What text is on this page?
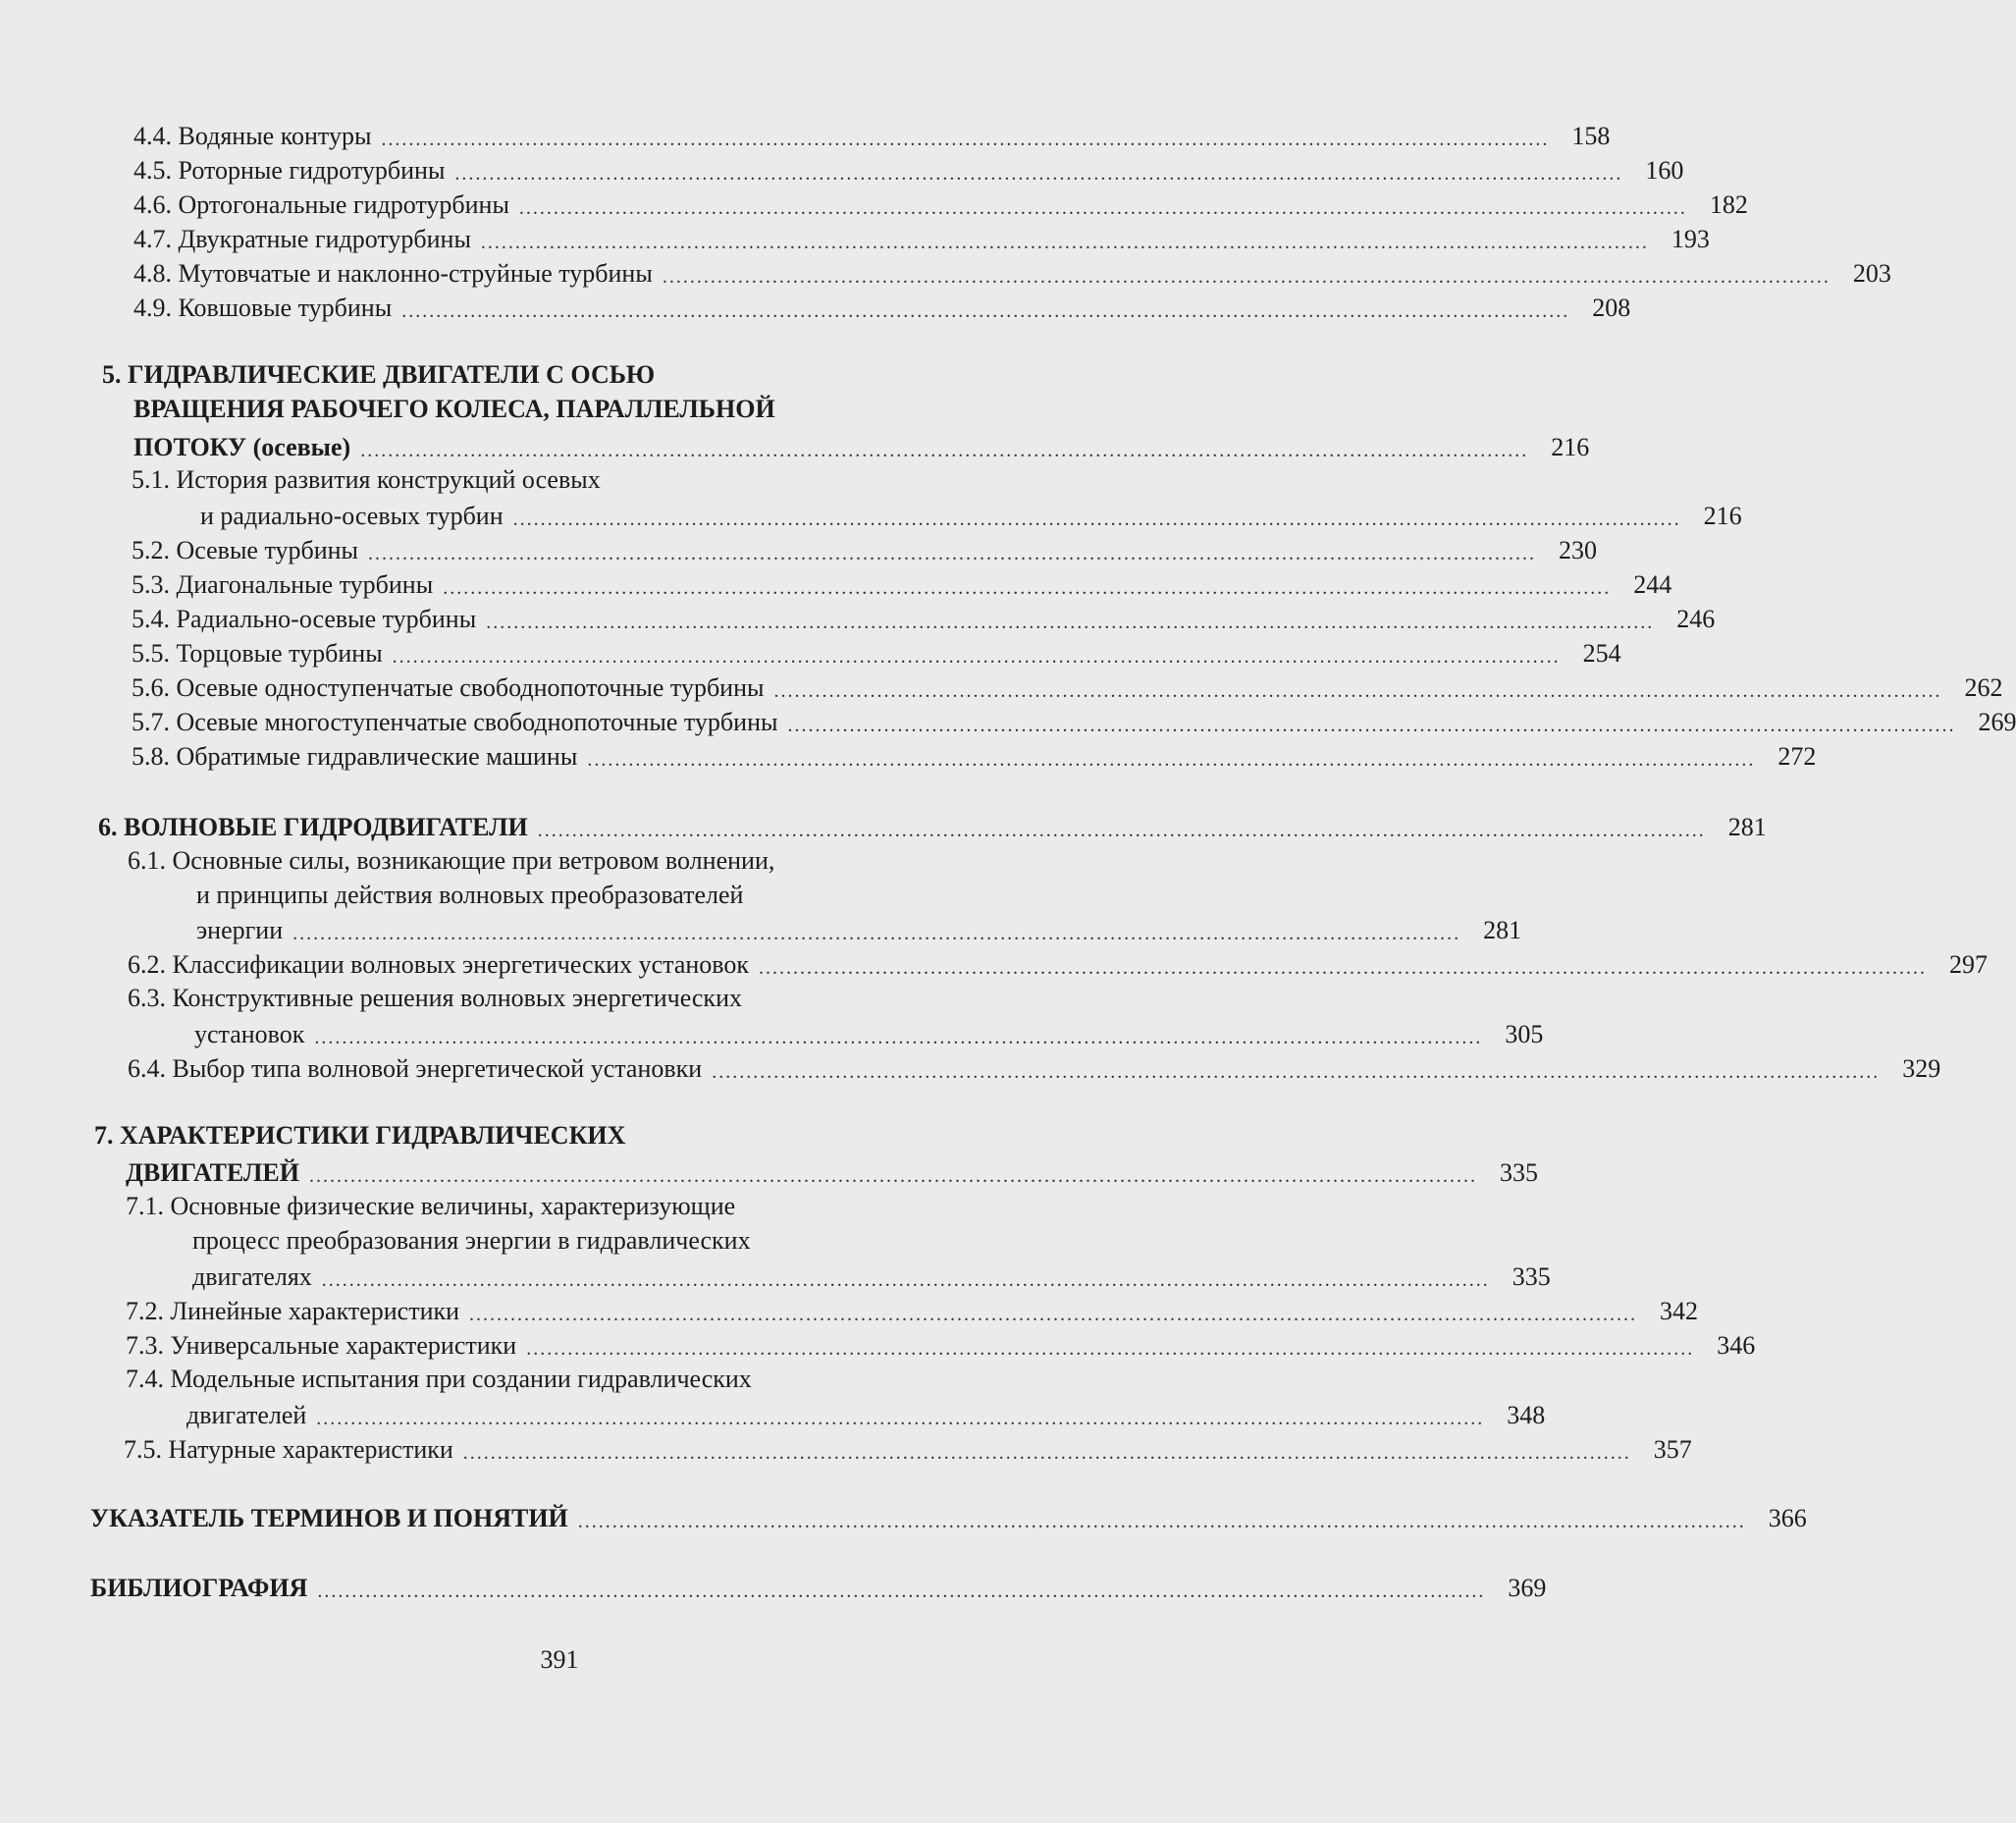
4.4. Водяные контуры .......................................................................................................................................................................... 158
4.5. Роторные гидротурбины .......................................................................................................................................................................... 160
4.6. Ортогональные гидротурбины .......................................................................................................................................................................... 182
4.7. Двукратные гидротурбины .......................................................................................................................................................................... 193
4.8. Мутовчатые и наклонно-струйные турбины .......................................................................................................................................................................... 203
4.9. Ковшовые турбины .......................................................................................................................................................................... 208
5. ГИДРАВЛИЧЕСКИЕ ДВИГАТЕЛИ С ОСЬЮ
ВРАЩЕНИЯ РАБОЧЕГО КОЛЕСА, ПАРАЛЛЕЛЬНОЙ
ПОТОКУ (осевые) .......................................................................................................................................................................... 216
5.1. История развития конструкций осевых
и радиально-осевых турбин .......................................................................................................................................................................... 216
5.2. Осевые турбины .......................................................................................................................................................................... 230
5.3. Диагональные турбины .......................................................................................................................................................................... 244
5.4. Радиально-осевые турбины .......................................................................................................................................................................... 246
5.5. Торцовые турбины .......................................................................................................................................................................... 254
5.6. Осевые одноступенчатые свободнопоточные турбины .......................................................................................................................................................................... 262
5.7. Осевые многоступенчатые свободнопоточные турбины .......................................................................................................................................................................... 269
5.8. Обратимые гидравлические машины .......................................................................................................................................................................... 272
6. ВОЛНОВЫЕ ГИДРОДВИГАТЕЛИ .......................................................................................................................................................................... 281
6.1. Основные силы, возникающие при ветровом волнении,
и принципы действия волновых преобразователей
энергии .......................................................................................................................................................................... 281
6.2. Классификации волновых энергетических установок .......................................................................................................................................................................... 297
6.3. Конструктивные решения волновых энергетических
установок .......................................................................................................................................................................... 305
6.4. Выбор типа волновой энергетической установки .......................................................................................................................................................................... 329
7. ХАРАКТЕРИСТИКИ ГИДРАВЛИЧЕСКИХ
ДВИГАТЕЛЕЙ .......................................................................................................................................................................... 335
7.1. Основные физические величины, характеризующие
процесс преобразования энергии в гидравлических
двигателях .......................................................................................................................................................................... 335
7.2. Линейные характеристики .......................................................................................................................................................................... 342
7.3. Универсальные характеристики .......................................................................................................................................................................... 346
7.4. Модельные испытания при создании гидравлических
двигателей .......................................................................................................................................................................... 348
7.5. Натурные характеристики .......................................................................................................................................................................... 357
УКАЗАТЕЛЬ ТЕРМИНОВ И ПОНЯТИЙ .......................................................................................................................................................................... 366
БИБЛИОГРАФИЯ .......................................................................................................................................................................... 369
391
